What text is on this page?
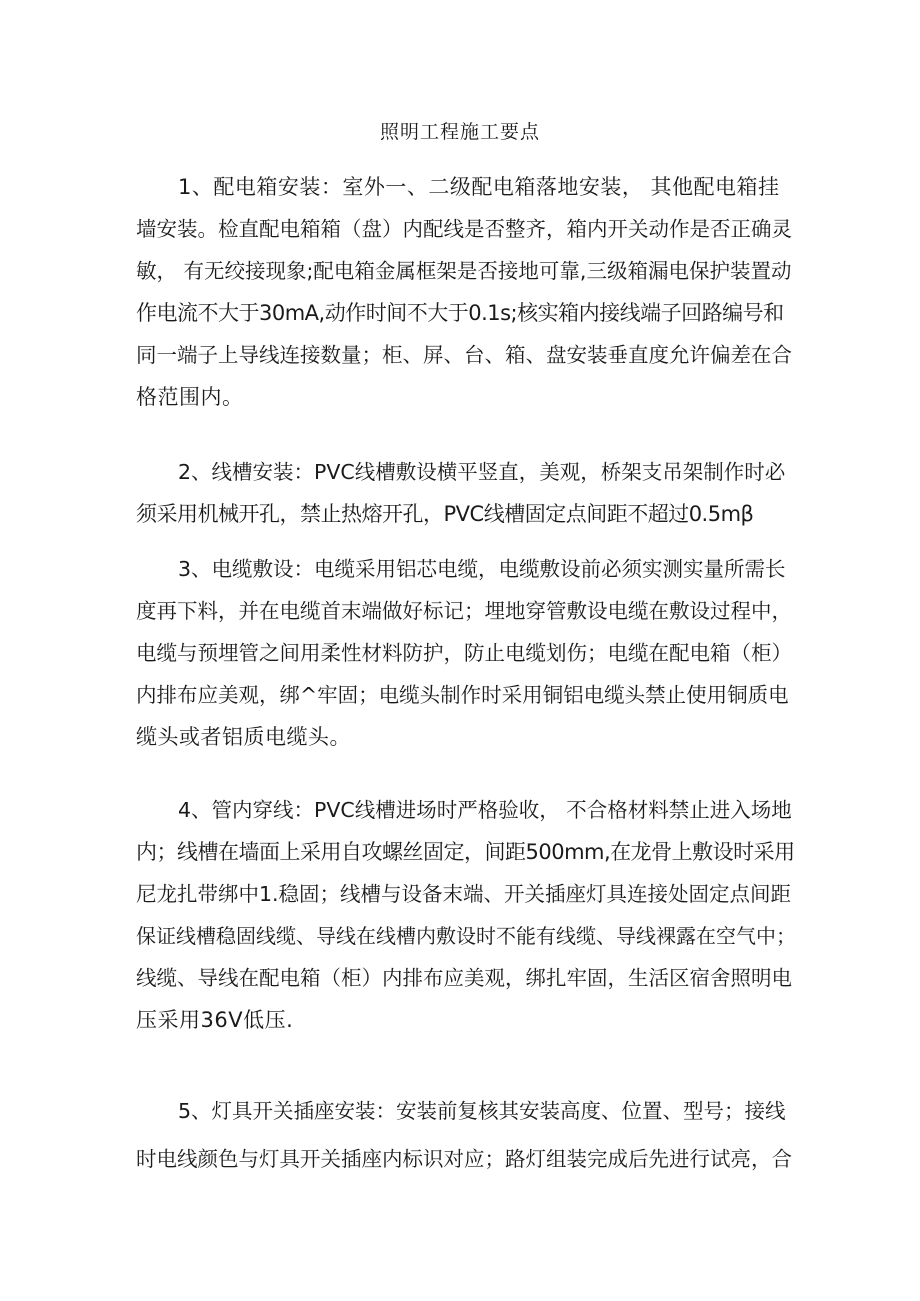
照明工程施工要点
1、配电箱安装：室外一、二级配电箱落地安装， 其他配电箱挂
墙安装。检直配电箱箱（盘）内配线是否整齐，箱内开关动作是否正确灵
敏， 有无绞接现象;配电箱金属框架是否接地可靠,三级箱漏电保护装置动
作电流不大于30mA,动作时间不大于0.1s;核实箱内接线端子回路编号和
同一端子上导线连接数量；柜、屏、台、箱、盘安装垂直度允许偏差在合
格范围内。
2、线槽安装：PVC线槽敷设横平竖直，美观，桥架支吊架制作时必
须采用机械开孔，禁止热熔开孔，PVC线槽固定点间距不超过0.5mβ
3、电缆敷设：电缆采用铝芯电缆，电缆敷设前必须实测实量所需长
度再下料，并在电缆首末端做好标记；埋地穿管敷设电缆在敷设过程中，
电缆与预埋管之间用柔性材料防护，防止电缆划伤；电缆在配电箱（柜）
内排布应美观，绑^牢固；电缆头制作时采用铜铝电缆头禁止使用铜质电
缆头或者铝质电缆头。
4、管内穿线：PVC线槽进场时严格验收， 不合格材料禁止进入场地
内；线槽在墙面上采用自攻螺丝固定，间距500mm,在龙骨上敷设时采用
尼龙扎带绑中1.稳固；线槽与设备末端、开关插座灯具连接处固定点间距
保证线槽稳固线缆、导线在线槽内敷设时不能有线缆、导线裸露在空气中；
线缆、导线在配电箱（柜）内排布应美观，绑扎牢固，生活区宿舍照明电
压采用36V低压.
5、灯具开关插座安装：安装前复核其安装高度、位置、型号；接线
时电线颜色与灯具开关插座内标识对应；路灯组装完成后先进行试亮，合
